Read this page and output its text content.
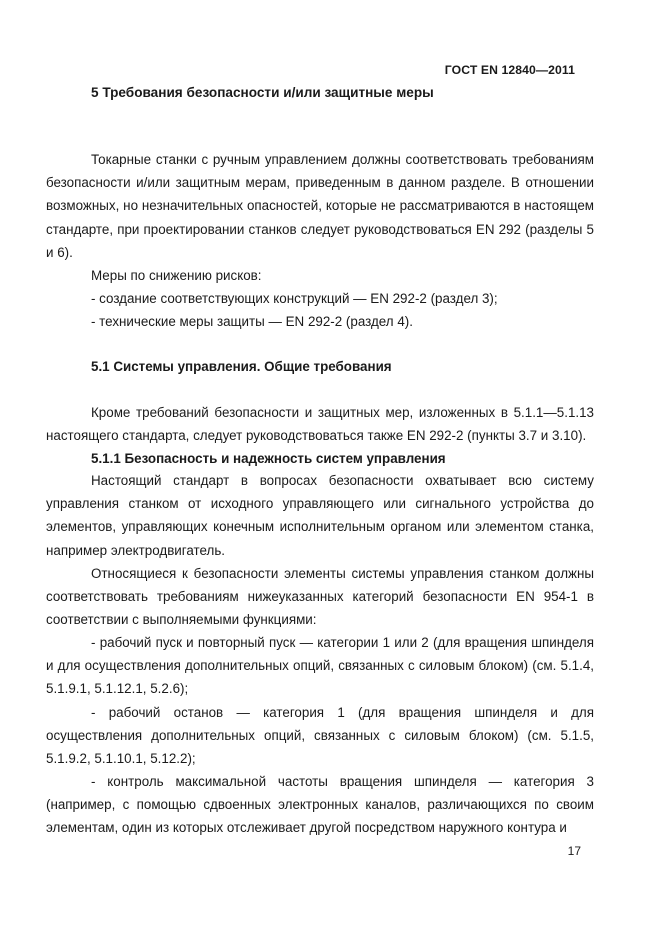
ГОСТ EN 12840—2011
5 Требования безопасности и/или защитные меры

Токарные станки с ручным управлением должны соответствовать требованиям безопасности и/или защитным мерам, приведенным в данном разделе. В отношении возможных, но незначительных опасностей, которые не рассматриваются в настоящем стандарте, при проектировании станков следует руководствоваться EN 292 (разделы 5 и 6).

Меры по снижению рисков:

- создание соответствующих конструкций — EN 292-2 (раздел 3);

- технические меры защиты — EN 292-2 (раздел 4).

5.1 Системы управления. Общие требования

Кроме требований безопасности и защитных мер, изложенных в 5.1.1—5.1.13 настоящего стандарта, следует руководствоваться также EN 292-2 (пункты 3.7 и 3.10).

5.1.1 Безопасность и надежность систем управления

Настоящий стандарт в вопросах безопасности охватывает всю систему управления станком от исходного управляющего или сигнального устройства до элементов, управляющих конечным исполнительным органом или элементом станка, например электродвигатель.

Относящиеся к безопасности элементы системы управления станком должны соответствовать требованиям нижеуказанных категорий безопасности EN 954-1 в соответствии с выполняемыми функциями:

- рабочий пуск и повторный пуск — категории 1 или 2 (для вращения шпинделя и для осуществления дополнительных опций, связанных с силовым блоком) (см. 5.1.4, 5.1.9.1, 5.1.12.1, 5.2.6);

- рабочий останов — категория 1 (для вращения шпинделя и для осуществления дополнительных опций, связанных с силовым блоком) (см. 5.1.5, 5.1.9.2, 5.1.10.1, 5.12.2);

- контроль максимальной частоты вращения шпинделя — категория 3 (например, с помощью сдвоенных электронных каналов, различающихся по своим элементам, один из которых отслеживает другой посредством наружного контура и

17
